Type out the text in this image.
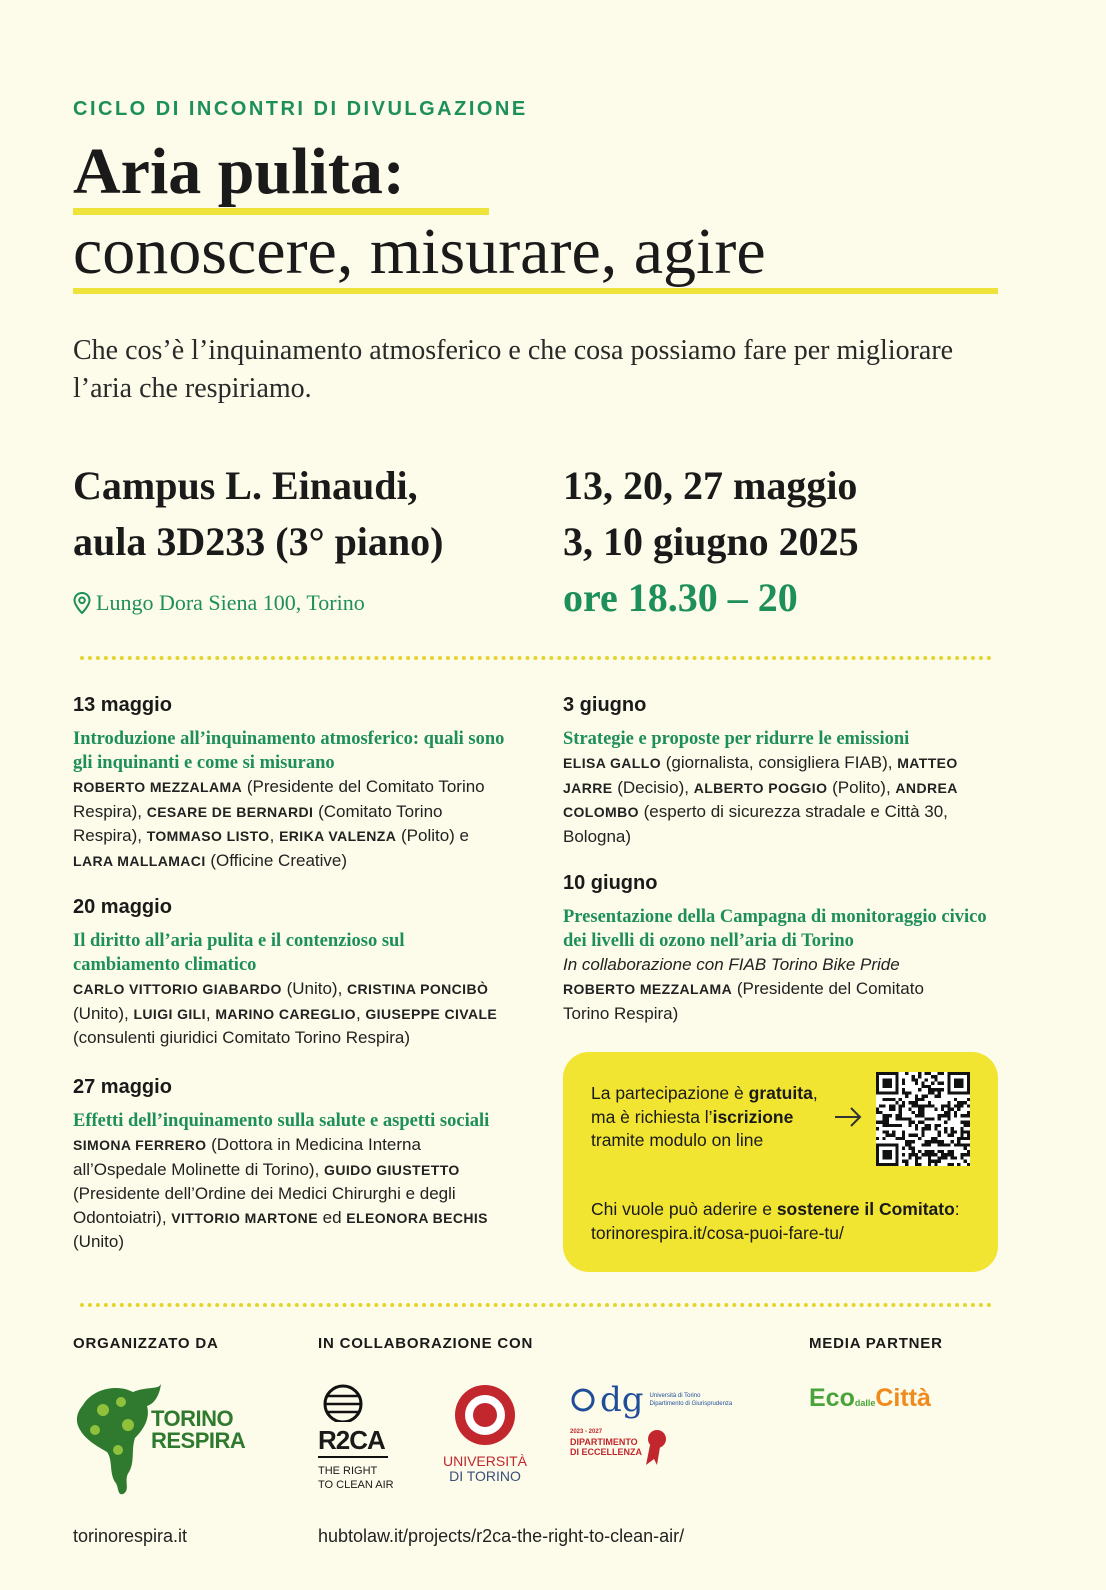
CICLO DI INCONTRI DI DIVULGAZIONE
Aria pulita:
conoscere, misurare, agire
Che cos’è l’inquinamento atmosferico e che cosa possiamo fare per migliorare l’aria che respiriamo.
Campus L. Einaudi,
aula 3D233 (3° piano)
Lungo Dora Siena 100, Torino
13, 20, 27 maggio
3, 10 giugno 2025
ore 18.30 – 20
13 maggio
Introduzione all’inquinamento atmosferico: quali sono gli inquinanti e come si misurano
ROBERTO MEZZALAMA (Presidente del Comitato Torino Respira), CESARE DE BERNARDI (Comitato Torino Respira), TOMMASO LISTO, ERIKA VALENZA (Polito) e LARA MALLAMACI (Officine Creative)
20 maggio
Il diritto all’aria pulita e il contenzioso sul cambiamento climatico
CARLO VITTORIO GIABARDO (Unito), CRISTINA PONCIBÒ (Unito), LUIGI GILI, MARINO CAREGLIO, GIUSEPPE CIVALE (consulenti giuridici Comitato Torino Respira)
27 maggio
Effetti dell’inquinamento sulla salute e aspetti sociali
SIMONA FERRERO (Dottora in Medicina Interna all’Ospedale Molinette di Torino), GUIDO GIUSTETTO (Presidente dell’Ordine dei Medici Chirurghi e degli Odontoiatri), VITTORIO MARTONE ed ELEONORA BECHIS (Unito)
3 giugno
Strategie e proposte per ridurre le emissioni
ELISA GALLO (giornalista, consigliera FIAB), MATTEO JARRE (Decisio), ALBERTO POGGIO (Polito), ANDREA COLOMBO (esperto di sicurezza stradale e Città 30, Bologna)
10 giugno
Presentazione della Campagna di monitoraggio civico dei livelli di ozono nell’aria di Torino
In collaborazione con FIAB Torino Bike Pride
ROBERTO MEZZALAMA (Presidente del Comitato Torino Respira)
La partecipazione è gratuita, ma è richiesta l’iscrizione tramite modulo on line
Chi vuole può aderire e sostenere il Comitato: torinorespira.it/cosa-puoi-fare-tu/
ORGANIZZATO DA	IN COLLABORAZIONE CON	MEDIA PARTNER
TORINO
RESPIRA	R2CA
THE RIGHT
TO CLEAN AIR
UNIVERSITÀ
DI TORINO
dg Università di Torino
Dipartimento di Giurisprudenza
2023 - 2027
DIPARTIMENTO
DI ECCELLENZA
EcodalleCittà
torinorespira.it	hubtolaw.it/projects/r2ca-the-right-to-clean-air/
